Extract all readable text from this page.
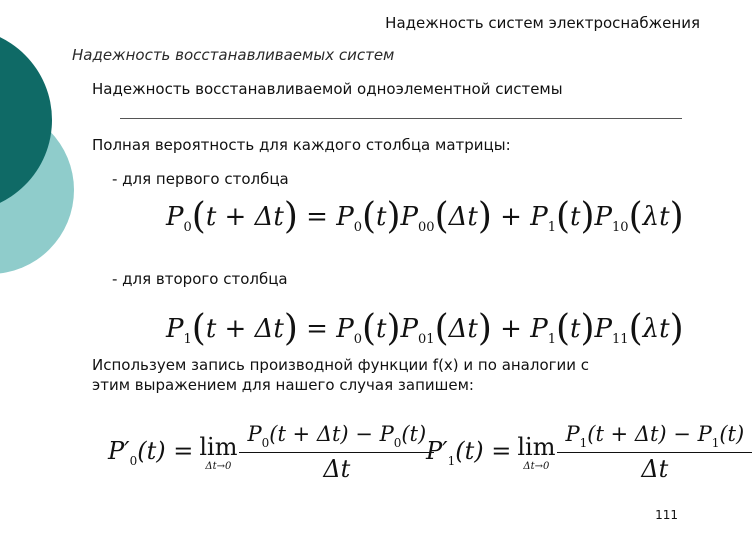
Надежность систем электроснабжения
Надежность восстанавливаемых систем
Надежность восстанавливаемой одноэлементной системы
Полная вероятность для каждого столбца матрицы:
- для первого столбца
$P_0(t + \Delta t) = P_0(t)P_{00}(\Delta t) + P_1(t)P_{10}(\lambda t)$
- для второго столбца
$P_1(t + \Delta t) = P_0(t)P_{01}(\Delta t) + P_1(t)P_{11}(\lambda t)$
Используем запись производной функции f(x) и по аналогии с
этим выражением для нашего случая запишем:
$P'_0(t) = \lim$
$\Delta t\to 0 \frac{P_0(t + \Delta t) - P_0(t)}{\Delta t}$
$P'_1(t) = \lim$
$\Delta t\to 0 \frac{P_1(t + \Delta t) - P_1(t)}{\Delta t}$
111
